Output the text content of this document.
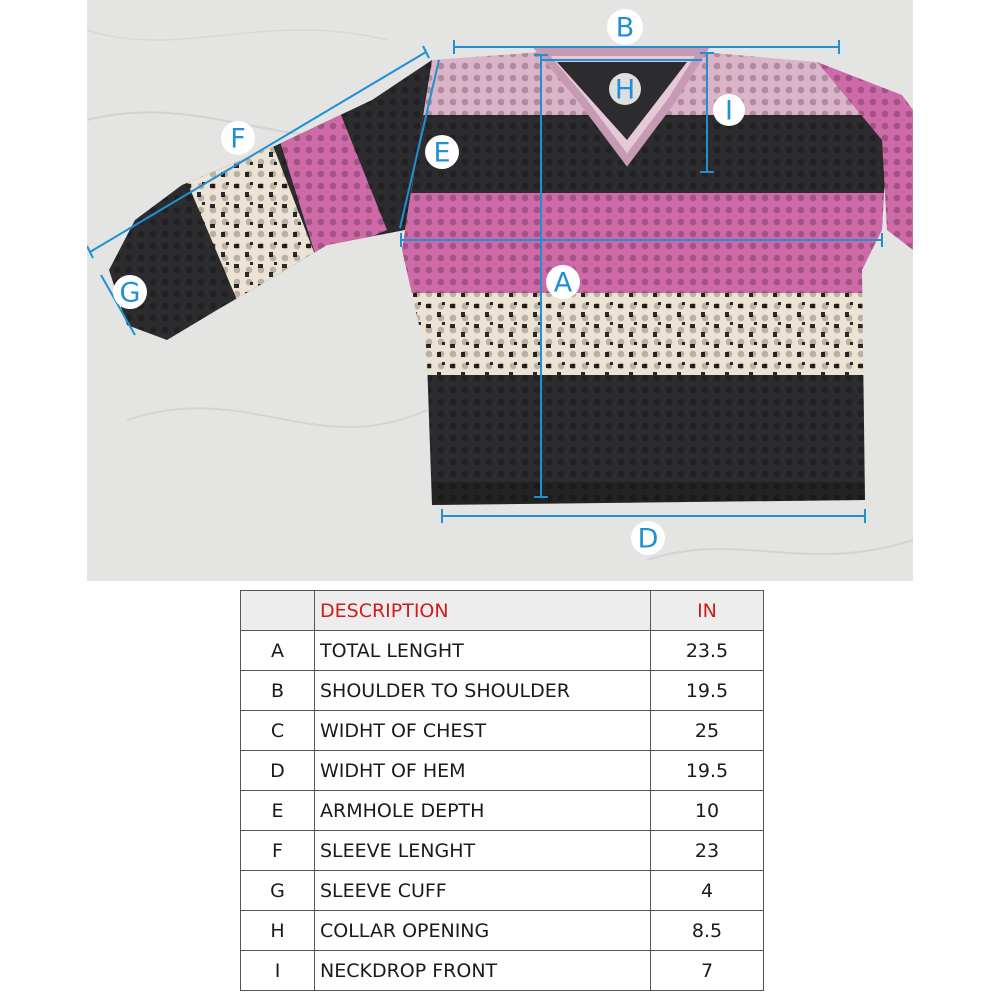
B
H
I
F	E
A
G
D
	DESCRIPTION	IN
A	TOTAL LENGHT	23.5
B	SHOULDER TO SHOULDER	19.5
C	WIDHT OF CHEST	25
D	WIDHT OF HEM	19.5
E	ARMHOLE DEPTH	10
F	SLEEVE LENGHT	23
G	SLEEVE CUFF	4
H	COLLAR OPENING	8.5
I	NECKDROP FRONT	7
